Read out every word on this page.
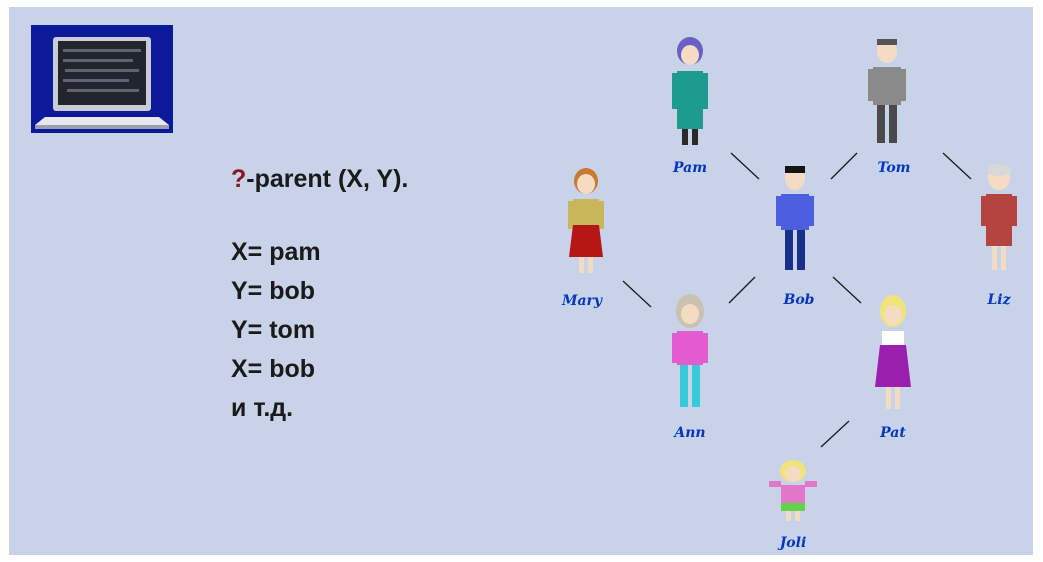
?-parent (X, Y).
X= pam
Y= bob
Y= tom
X= bob
и т.д.
Pam	Tom
Bob	Liz
Mary
Ann	Pat
Joli
